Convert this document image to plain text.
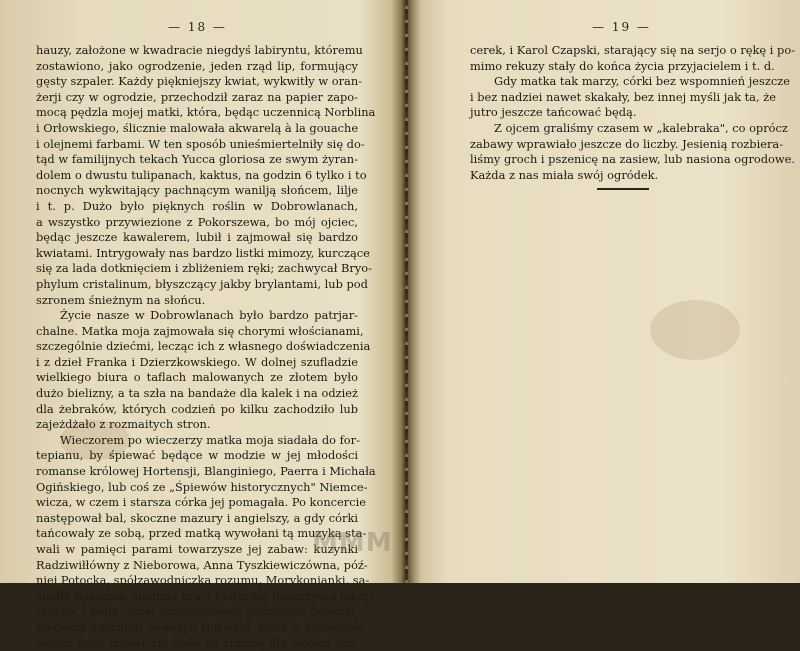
— 18 —
hauzy, założone w kwadracie niegdyś labiryntu, któremu
zostawiono, jako ogrodzenie, jeden rząd lip, formujący
gęsty szpaler. Każdy piękniejszy kwiat, wykwitły w oran-
żerji czy w ogrodzie, przechodził zaraz na papier zapo-
mocą pędzla mojej matki, która, będąc uczennicą Norblina
i Orłowskiego, ślicznie malowała akwarelą à la gouache
i olejnemi farbami. W ten sposób unieśmiertelniły się do-
tąd w familijnych tekach Yucca gloriosa ze swym żyran-
dolem o dwustu tulipanach, kaktus, na godzin 6 tylko i to
nocnych wykwitający pachnącym wanilją słońcem, lilje
i t. p. Dużo było pięknych roślin w Dobrowlanach,
a wszystko przywiezione z Pokorszewa, bo mój ojciec,
będąc jeszcze kawalerem, lubił i zajmował się bardzo
kwiatami. Intrygowały nas bardzo listki mimozy, kurczące
się za lada dotknięciem i zbliżeniem ręki; zachwycał Bryo-
phylum cristalinum, błyszczący jakby brylantami, lub pod
szronem śnieżnym na słońcu.
Życie nasze w Dobrowlanach było bardzo patrjar-
chalne. Matka moja zajmowała się chorymi włościanami,
szczególnie dziećmi, lecząc ich z własnego doświadczenia
i z dzieł Franka i Dzierzkowskiego. W dolnej szufladzie
wielkiego biura o taflach malowanych ze złotem było
dużo bielizny, a ta szła na bandaże dla kalek i na odzież
dla żebraków, których codzień po kilku zachodziło lub
zajeżdżało z rozmaitych stron.
Wieczorem po wieczerzy matka moja siadała do for-
tepianu, by śpiewać będące w modzie w jej młodości
romanse królowej Hortensji, Blanginiego, Paerra i Michała
Ogińskiego, lub coś ze „Śpiewów historycznych" Niemce-
wicza, w czem i starsza córka jej pomagała. Po koncercie
następował bal, skoczne mazury i angielszy, a gdy córki
tańcowały ze sobą, przed matką wywołani tą muzyką sta-
wali w pamięci parami towarzysze jej zabaw: kuzynki
Radziwiłłówny z Nieborowa, Anna Tyszkiewiczówna, póź-
niej Potocka, spółzawodniczka rozumu, Morykonianki, są-
siadki Rakiszek, siedmiu braci Platerów, towarzysze lekcyj
tańców i nauk, Józef Szymanowski, późniejszy generał,
pierwszy adorator, Seweryn Horwald, który w szabałasie
swoim nosił trzewiczki białe na zmianę dla swoich tan-
— 19 —
cerek, i Karol Czapski, starający się na serjo o rękę i po-
mimo rekuzy stały do końca życia przyjacielem i t. d.
Gdy matka tak marzy, córki bez wspomnień jeszcze
i bez nadziei nawet skakały, bez innej myśli jak ta, że
jutro jeszcze tańcować będą.
Z ojcem graliśmy czasem w „kalebraka", co oprócz
zabawy wprawiało jeszcze do liczby. Jesienią rozbiera-
liśmy groch i pszenicę na zasiew, lub nasiona ogrodowe.
Każda z nas miała swój ogródek.
MMM
